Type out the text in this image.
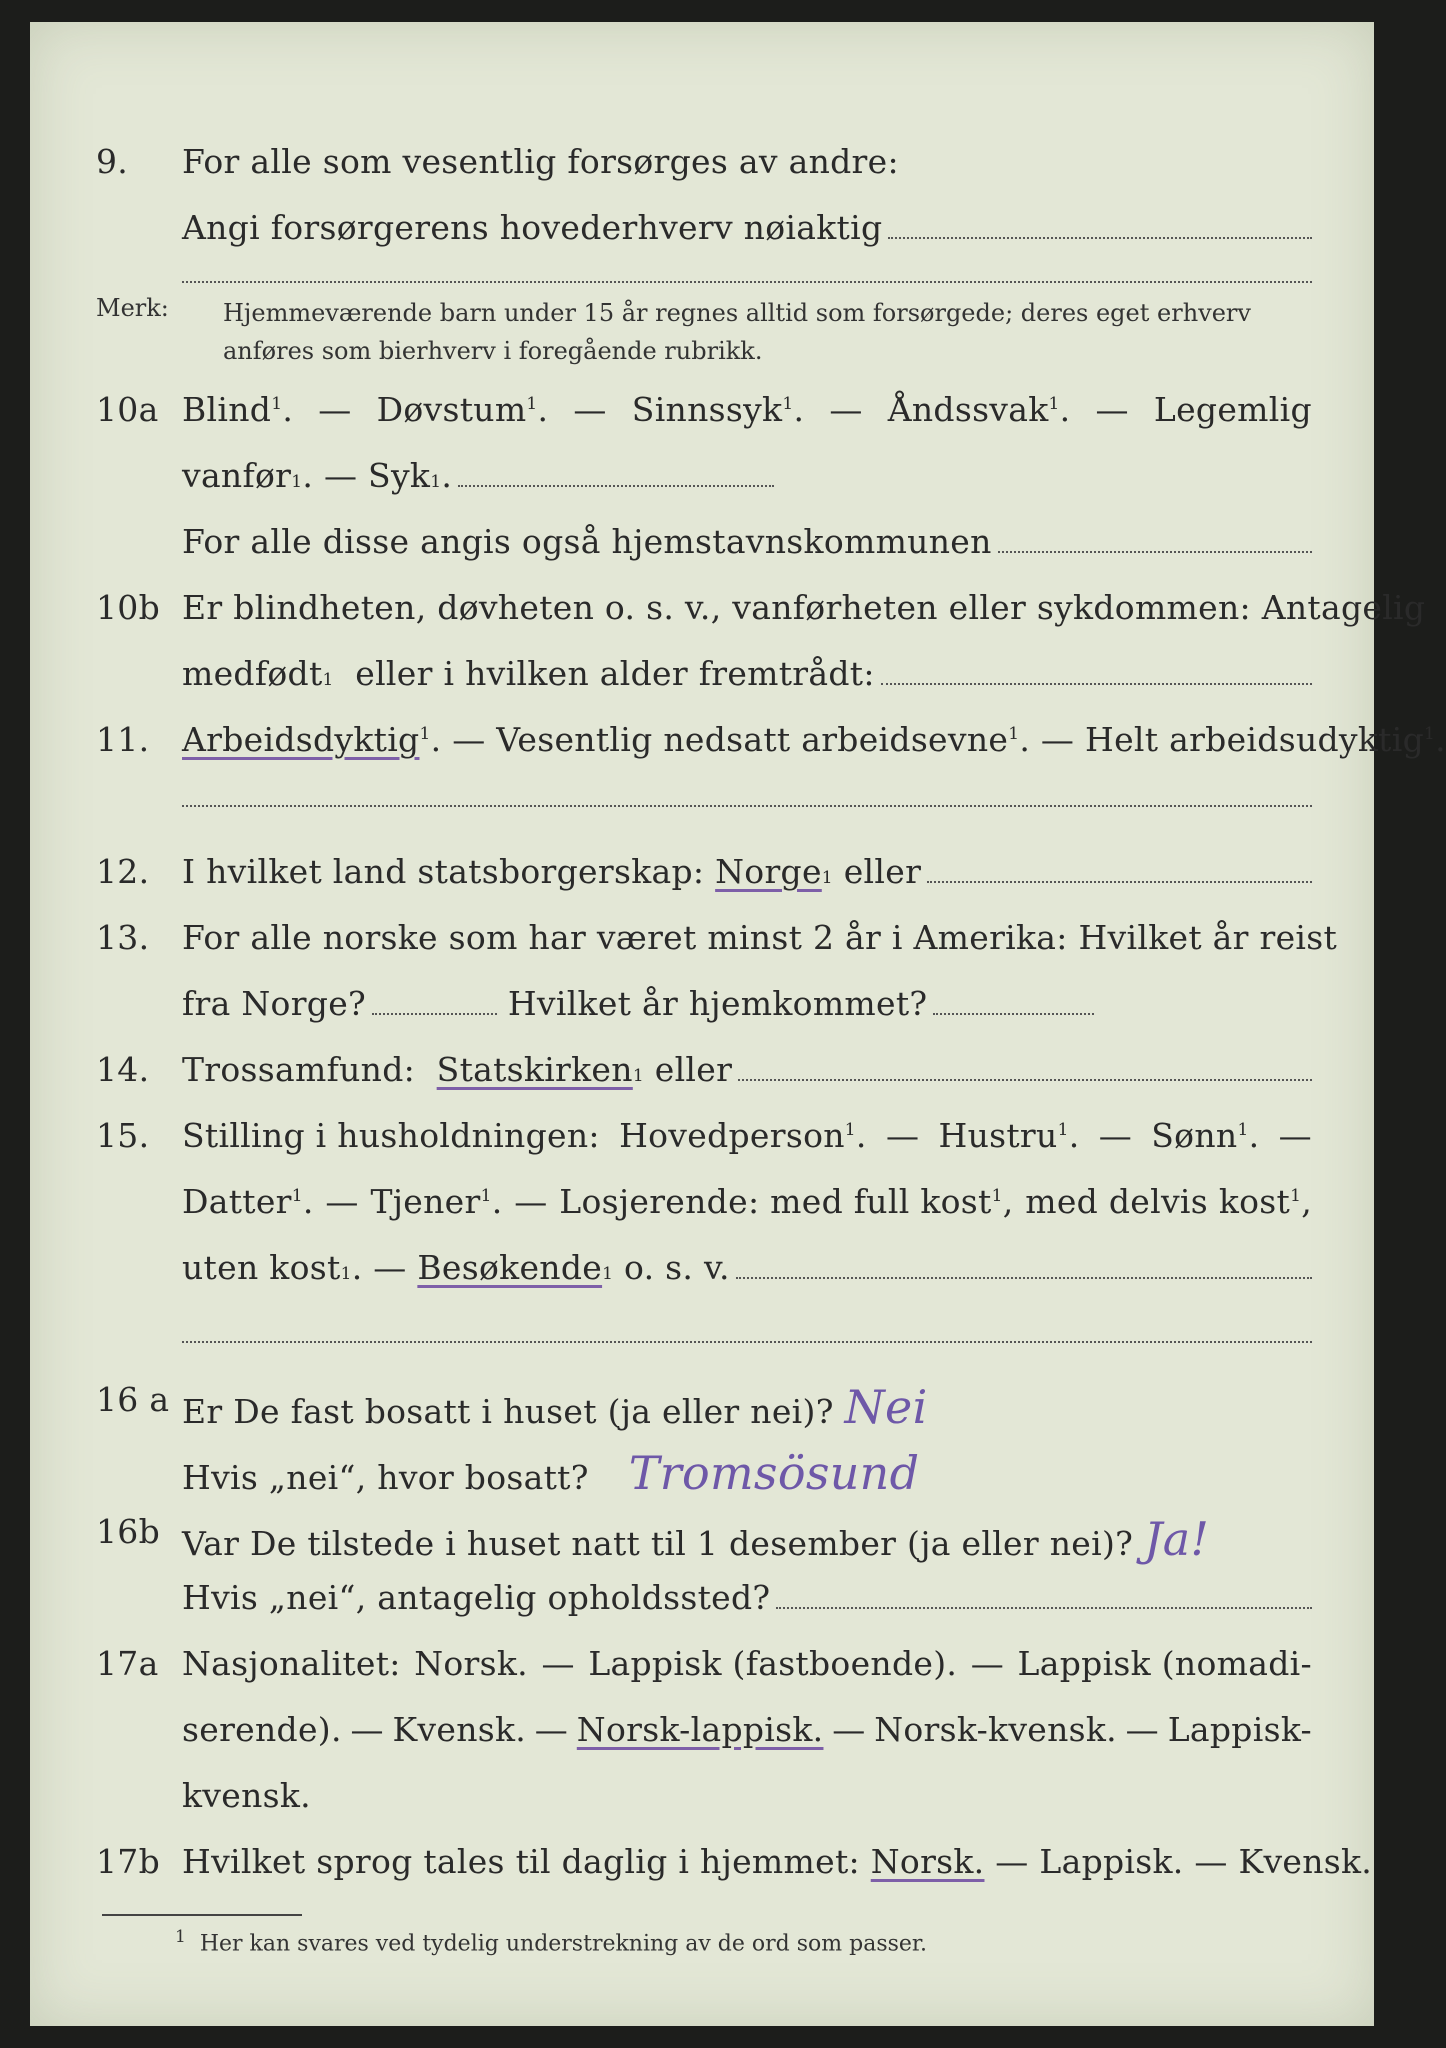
9. For alle som vesentlig forsørges av andre:
Angi forsørgerens hovederhverv nøiaktig
Merk: Hjemmeværende barn under 15 år regnes alltid som forsørgede; deres eget erhverv anføres som bierhverv i foregående rubrikk.
10a Blind$^1$. — Døvstum$^1$. — Sinnssyk$^1$. — Åndssvak$^1$. — Legemlig
vanfør 1 . — Syk 1 .
For alle disse angis også hjemstavnskommunen
10b Er blindheten, døvheten o. s. v., vanførheten eller sykdommen: Antagelig
medfødt 1
eller i hvilken alder fremtrådt:
11. Arbeidsdyktig$^1$. — Vesentlig nedsatt arbeidsevne$^1$. — Helt arbeidsudyktig$^1$.
12. I hvilket land statsborgerskap:
Norge 1
eller
13. For alle norske som har været minst 2 år i Amerika: Hvilket år reist
fra Norge?
	Hvilket år hjemkommet?
14. Trossamfund:
Statskirken 1
eller
15. Stilling i husholdningen: Hovedperson$^1$. — Hustru$^1$. — Sønn$^1$. —
Datter$^1$. — Tjener$^1$. — Losjerende: med full kost$^1$, med delvis kost$^1$,
uten kost 1 . — Besøkende 1
o. s. v.
16 a Er De fast bosatt i huset (ja eller nei)? Nei
Hvis „nei“, hvor bosatt? Tromsösund
16b Var De tilstede i huset natt til 1 desember (ja eller nei)? Ja!
Hvis „nei“, antagelig opholdssted?
17a Nasjonalitet: Norsk. — Lappisk (fastboende). — Lappisk (nomadi-
serende). — Kvensk. — Norsk-lappisk. — Norsk-kvensk. — Lappisk-
kvensk.
17b Hvilket sprog tales til daglig i hjemmet: Norsk. — Lappisk. — Kvensk.
$^1$ Her kan svares ved tydelig understrekning av de ord som passer.
